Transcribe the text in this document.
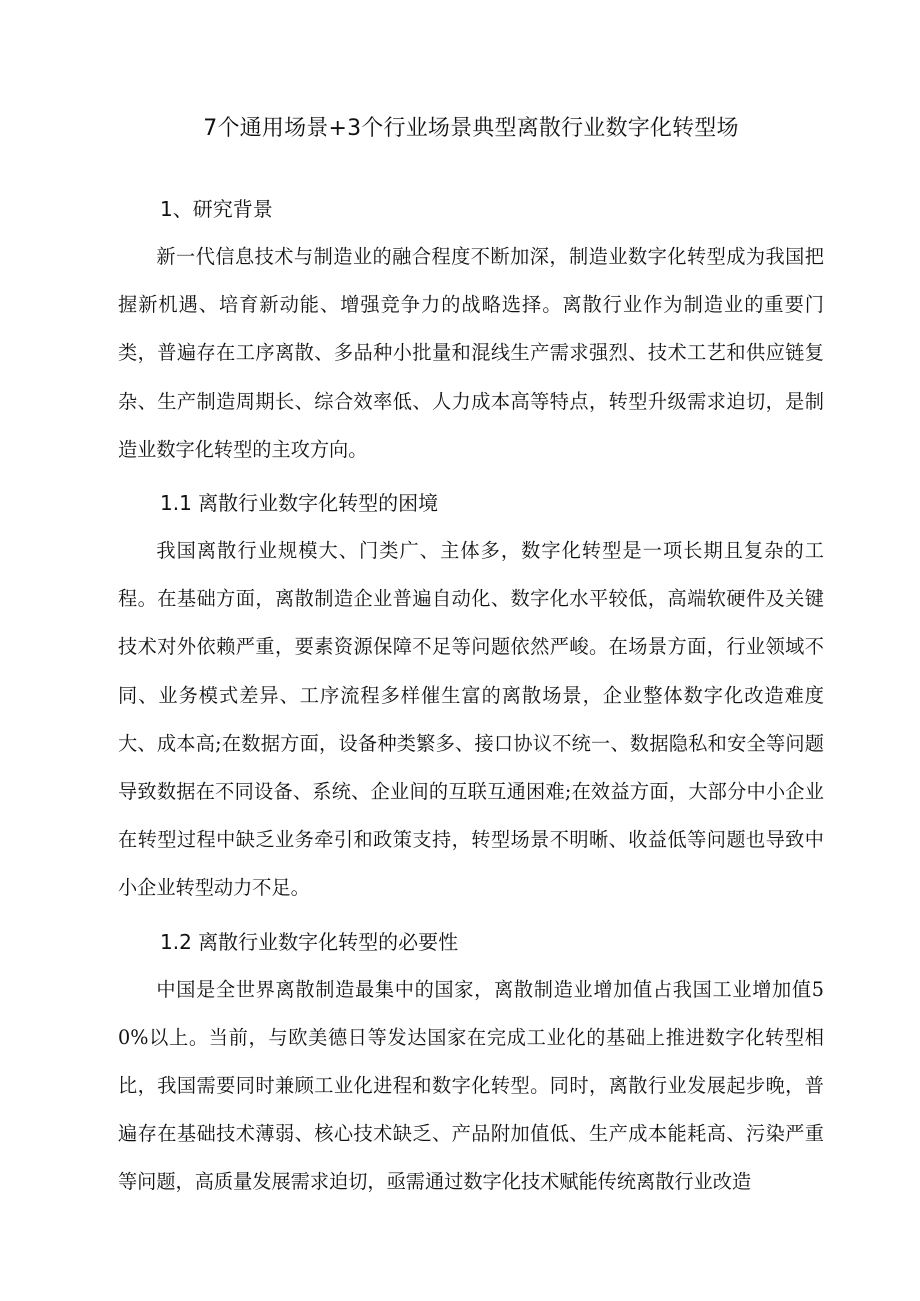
7个通用场景+3个行业场景典型离散行业数字化转型场
1、研究背景

新一代信息技术与制造业的融合程度不断加深，制造业数字化转型成为我国把握新机遇、培育新动能、增强竞争力的战略选择。离散行业作为制造业的重要门类，普遍存在工序离散、多品种小批量和混线生产需求强烈、技术工艺和供应链复杂、生产制造周期长、综合效率低、人力成本高等特点，转型升级需求迫切，是制造业数字化转型的主攻方向。

1.1 离散行业数字化转型的困境

我国离散行业规模大、门类广、主体多，数字化转型是一项长期且复杂的工程。在基础方面，离散制造企业普遍自动化、数字化水平较低，高端软硬件及关键技术对外依赖严重，要素资源保障不足等问题依然严峻。在场景方面，行业领域不同、业务模式差异、工序流程多样催生富的离散场景，企业整体数字化改造难度大、成本高;在数据方面，设备种类繁多、接口协议不统一、数据隐私和安全等问题导致数据在不同设备、系统、企业间的互联互通困难;在效益方面，大部分中小企业在转型过程中缺乏业务牵引和政策支持，转型场景不明晰、收益低等问题也导致中小企业转型动力不足。

1.2 离散行业数字化转型的必要性

中国是全世界离散制造最集中的国家，离散制造业增加值占我国工业增加值50%以上。当前，与欧美德日等发达国家在完成工业化的基础上推进数字化转型相比，我国需要同时兼顾工业化进程和数字化转型。同时，离散行业发展起步晚，普遍存在基础技术薄弱、核心技术缺乏、产品附加值低、生产成本能耗高、污染严重等问题，高质量发展需求迫切，亟需通过数字化技术赋能传统离散行业改造
